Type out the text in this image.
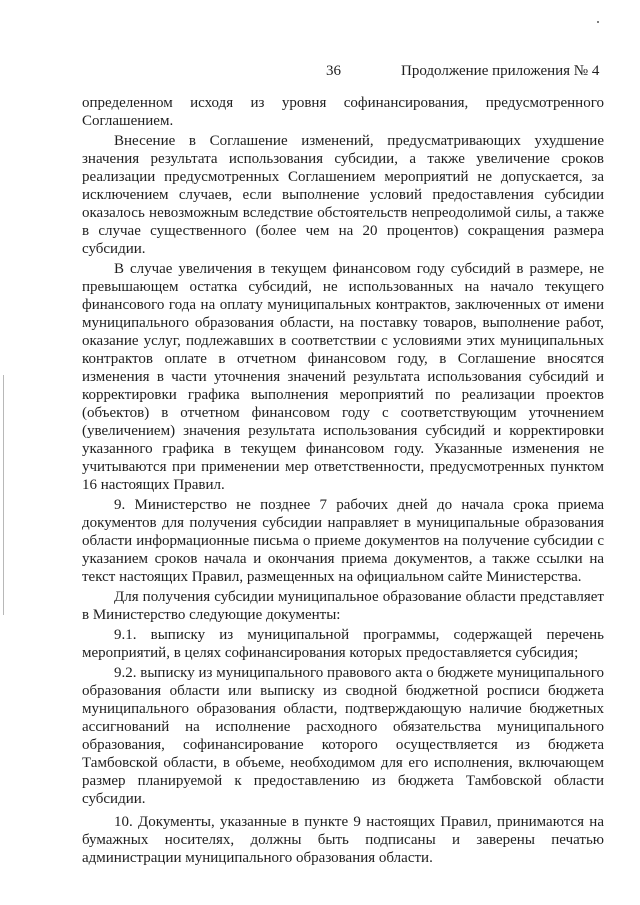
36	Продолжение приложения № 4

определенном исходя из уровня софинансирования, предусмотренного Соглашением.

Внесение в Соглашение изменений, предусматривающих ухудшение значения результата использования субсидии, а также увеличение сроков реализации предусмотренных Соглашением мероприятий не допускается, за исключением случаев, если выполнение условий предоставления субсидии оказалось невозможным вследствие обстоятельств непреодолимой силы, а также в случае существенного (более чем на 20 процентов) сокращения размера субсидии.

В случае увеличения в текущем финансовом году субсидий в размере, не превышающем остатка субсидий, не использованных на начало текущего финансового года на оплату муниципальных контрактов, заключенных от имени муниципального образования области, на поставку товаров, выполнение работ, оказание услуг, подлежавших в соответствии с условиями этих муниципальных контрактов оплате в отчетном финансовом году, в Соглашение вносятся изменения в части уточнения значений результата использования субсидий и корректировки графика выполнения мероприятий по реализации проектов (объектов) в отчетном финансовом году с соответствующим уточнением (увеличением) значения результата использования субсидий и корректировки указанного графика в текущем финансовом году. Указанные изменения не учитываются при применении мер ответственности, предусмотренных пунктом 16 настоящих Правил.

9. Министерство не позднее 7 рабочих дней до начала срока приема документов для получения субсидии направляет в муниципальные образования области информационные письма о приеме документов на получение субсидии с указанием сроков начала и окончания приема документов, а также ссылки на текст настоящих Правил, размещенных на официальном сайте Министерства.

Для получения субсидии муниципальное образование области представляет в Министерство следующие документы:

9.1. выписку из муниципальной программы, содержащей перечень мероприятий, в целях софинансирования которых предоставляется субсидия;

9.2. выписку из муниципального правового акта о бюджете муниципального образования области или выписку из сводной бюджетной росписи бюджета муниципального образования области, подтверждающую наличие бюджетных ассигнований на исполнение расходного обязательства муниципального образования, софинансирование которого осуществляется из бюджета Тамбовской области, в объеме, необходимом для его исполнения, включающем размер планируемой к предоставлению из бюджета Тамбовской области субсидии.

10. Документы, указанные в пункте 9 настоящих Правил, принимаются на бумажных носителях, должны быть подписаны и заверены печатью администрации муниципального образования области.
